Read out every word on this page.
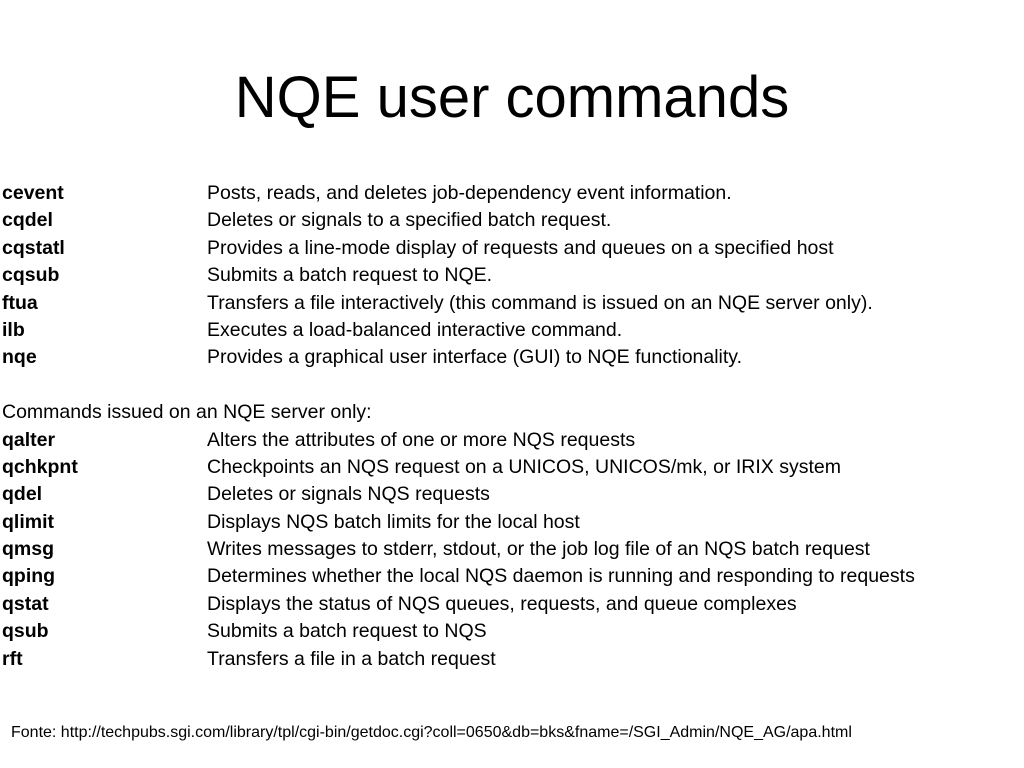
NQE user commands
cevent	Posts, reads, and deletes job-dependency event information.
cqdel	Deletes or signals to a specified batch request.
cqstatl	Provides a line-mode display of requests and queues on a specified host
cqsub	Submits a batch request to NQE.
ftua	Transfers a file interactively (this command is issued on an NQE server only).
ilb	Executes a load-balanced interactive command.
nqe	Provides a graphical user interface (GUI) to NQE functionality.
Commands issued on an NQE server only:
qalter	Alters the attributes of one or more NQS requests
qchkpnt	Checkpoints an NQS request on a UNICOS, UNICOS/mk, or IRIX system
qdel	Deletes or signals NQS requests
qlimit	Displays NQS batch limits for the local host
qmsg	Writes messages to stderr, stdout, or the job log file of an NQS batch request
qping	Determines whether the local NQS daemon is running and responding to requests
qstat	Displays the status of NQS queues, requests, and queue complexes
qsub	Submits a batch request to NQS
rft	Transfers a file in a batch request
Fonte: http://techpubs.sgi.com/library/tpl/cgi-bin/getdoc.cgi?coll=0650&db=bks&fname=/SGI_Admin/NQE_AG/apa.html
